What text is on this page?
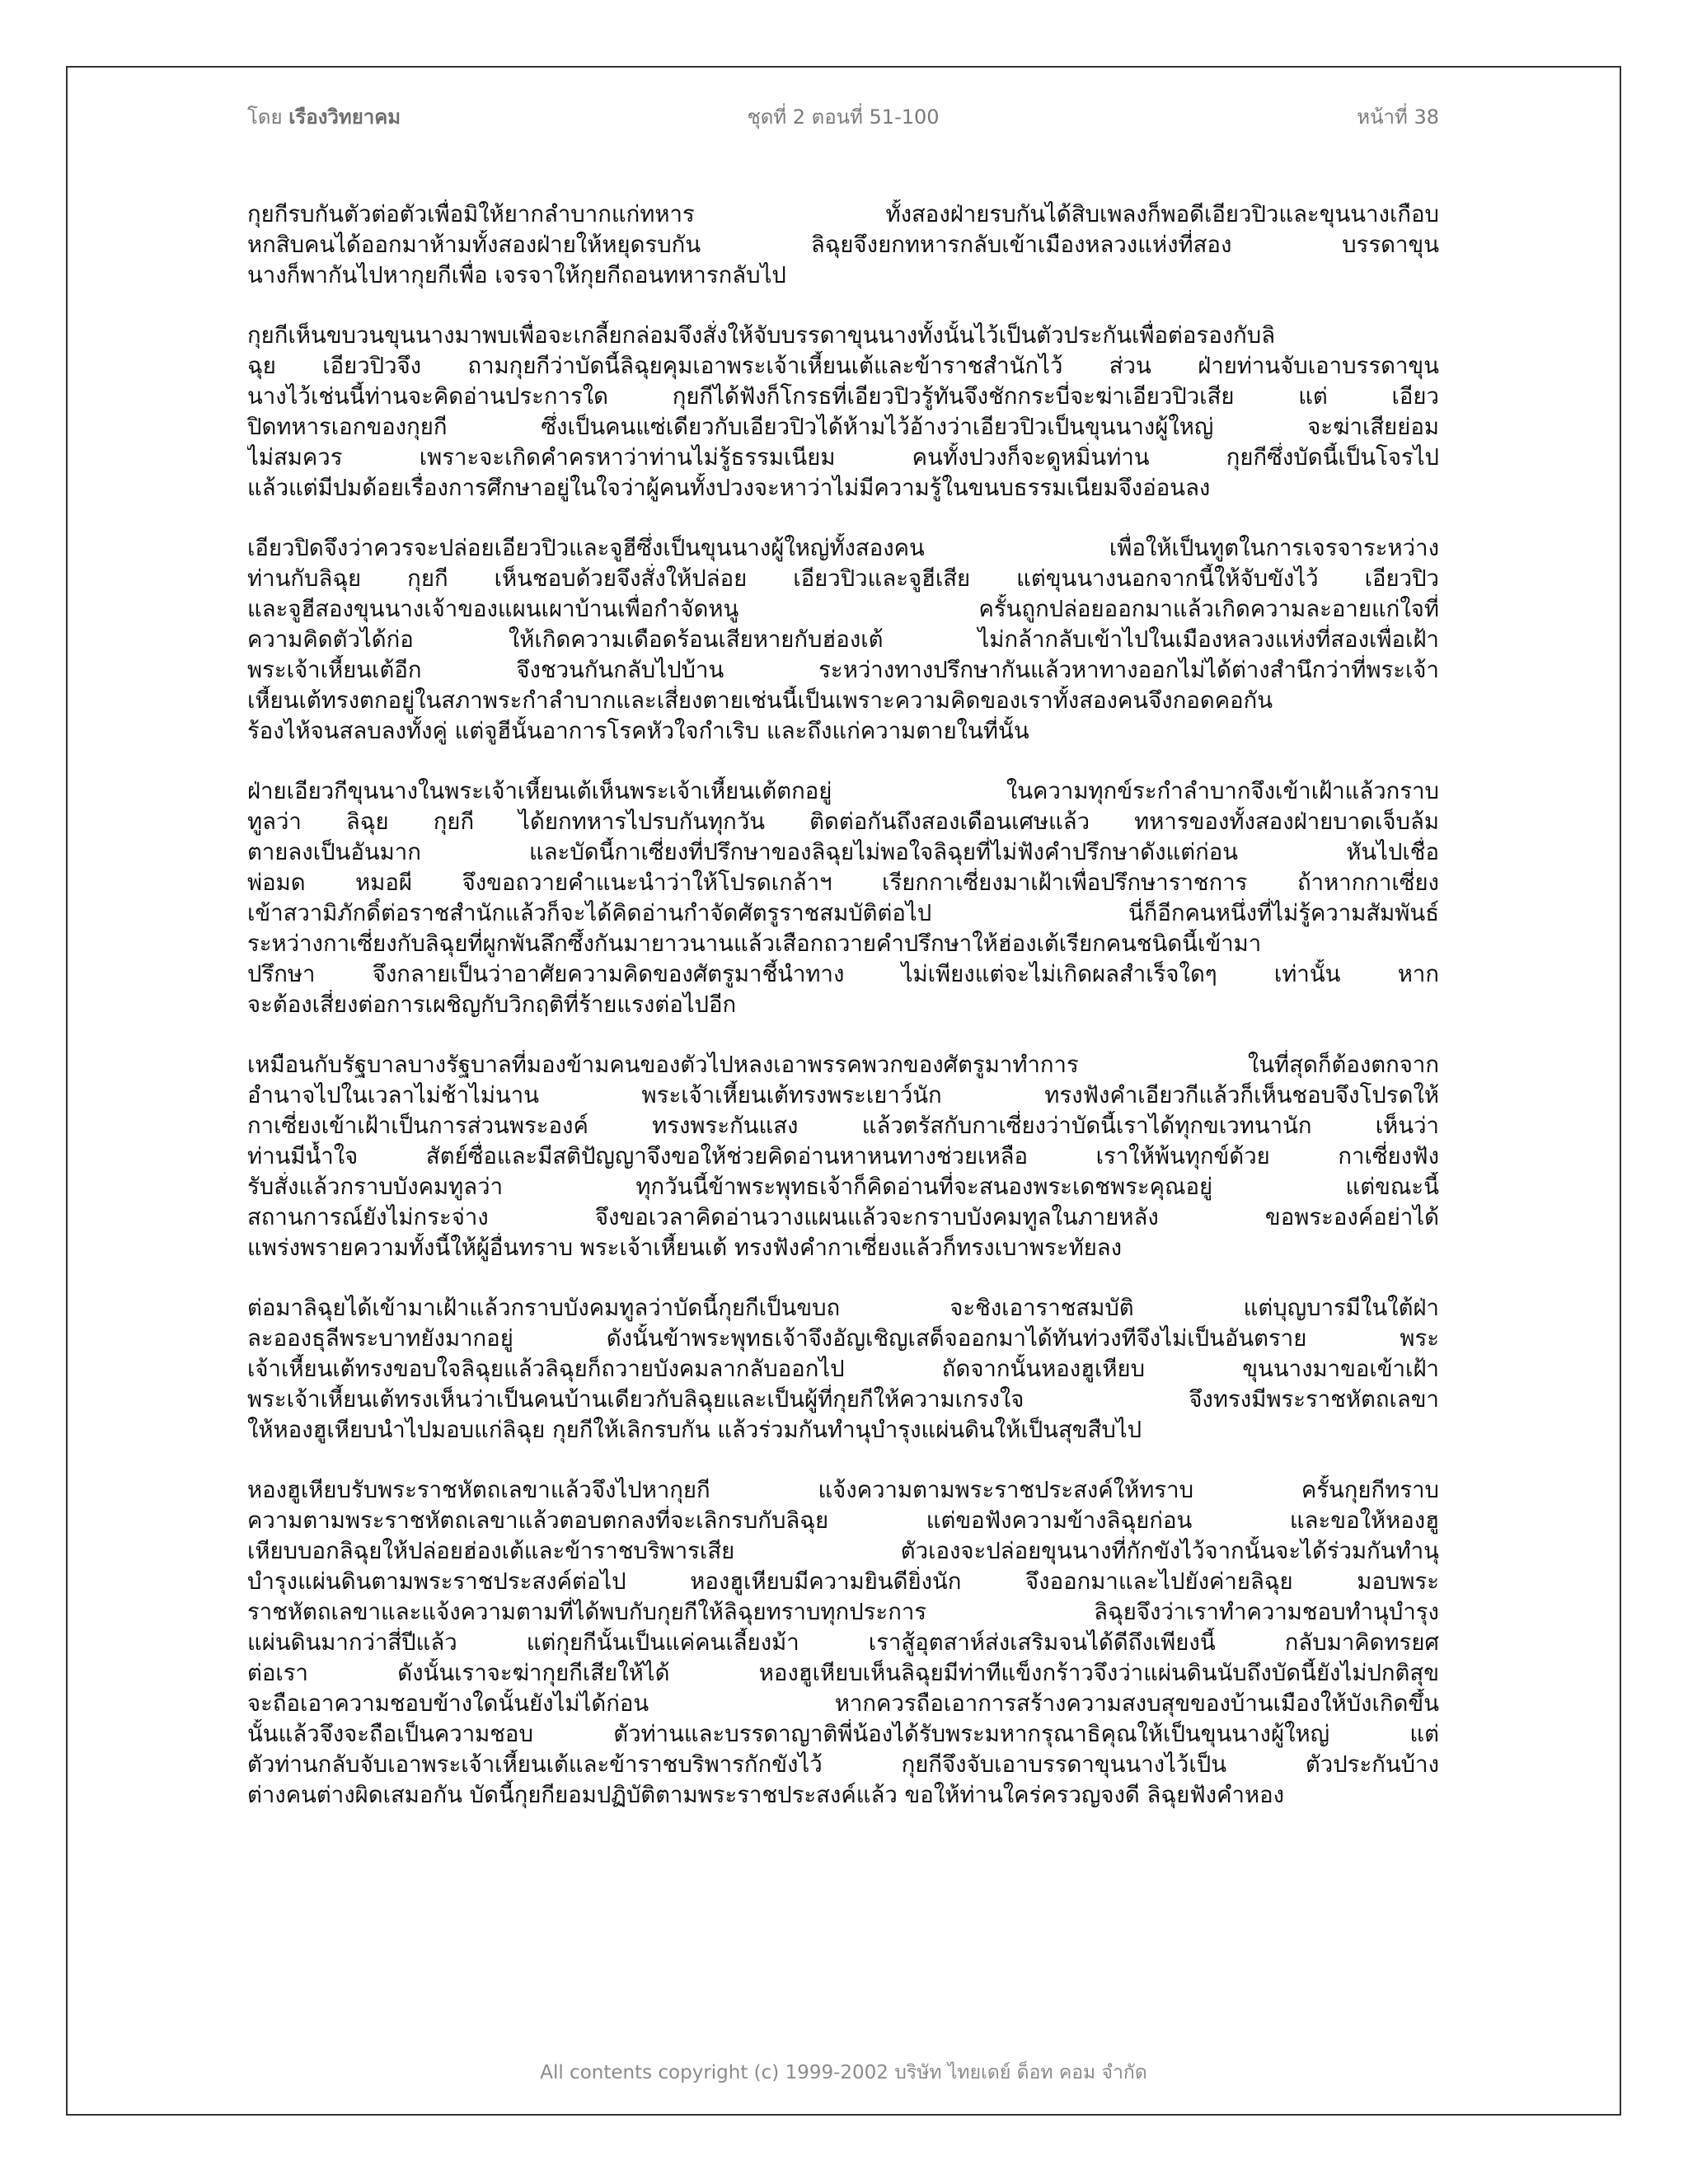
โดย เรืองวิทยาคม	ชุดที่ 2 ตอนที่ 51-100	หน้าที่ 38
กุยกีรบกันตัวต่อตัวเพื่อมิให้ยากลำบากแก่ทหาร ทั้งสองฝ่ายรบกันได้สิบเพลงก็พอดีเอียวปิวและขุนนางเกือบ
หกสิบคนได้ออกมาห้ามทั้งสองฝ่ายให้หยุดรบกัน ลิฉุยจึงยกทหารกลับเข้าเมืองหลวงแห่งที่สอง บรรดาขุน
นางก็พากันไปหากุยกีเพื่อ เจรจาให้กุยกีถอนทหารกลับไป
กุยกีเห็นขบวนขุนนางมาพบเพื่อจะเกลี้ยกล่อมจึงสั่งให้จับบรรดาขุนนางทั้งนั้นไว้เป็นตัวประกันเพื่อต่อรองกับลิ
ฉุย เอียวปิวจึง ถามกุยกีว่าบัดนี้ลิฉุยคุมเอาพระเจ้าเหี้ยนเต้และข้าราชสำนักไว้ ส่วน ฝ่ายท่านจับเอาบรรดาขุน
นางไว้เช่นนี้ท่านจะคิดอ่านประการใด กุยกีได้ฟังก็โกรธที่เอียวปิวรู้ทันจึงชักกระบี่จะฆ่าเอียวปิวเสีย แต่ เอียว
ปิดทหารเอกของกุยกี ซึ่งเป็นคนแซ่เดียวกับเอียวปิวได้ห้ามไว้อ้างว่าเอียวปิวเป็นขุนนางผู้ใหญ่ จะฆ่าเสียย่อม
ไม่สมควร เพราะจะเกิดคำครหาว่าท่านไม่รู้ธรรมเนียม คนทั้งปวงก็จะดูหมิ่นท่าน กุยกีซึ่งบัดนี้เป็นโจรไป
แล้วแต่มีปมด้อยเรื่องการศึกษาอยู่ในใจว่าผู้คนทั้งปวงจะหาว่าไม่มีความรู้ในขนบธรรมเนียมจึงอ่อนลง
เอียวปิดจึงว่าควรจะปล่อยเอียวปิวและจูฮีซึ่งเป็นขุนนางผู้ใหญ่ทั้งสองคน เพื่อให้เป็นทูตในการเจรจาระหว่าง
ท่านกับลิฉุย กุยกี เห็นชอบด้วยจึงสั่งให้ปล่อย เอียวปิวและจูฮีเสีย แต่ขุนนางนอกจากนี้ให้จับขังไว้ เอียวปิว
และจูฮีสองขุนนางเจ้าของแผนเผาบ้านเพื่อกำจัดหนู ครั้นถูกปล่อยออกมาแล้วเกิดความละอายแก่ใจที่
ความคิดตัวได้ก่อ ให้เกิดความเดือดร้อนเสียหายกับฮ่องเต้ ไม่กล้ากลับเข้าไปในเมืองหลวงแห่งที่สองเพื่อเฝ้า
พระเจ้าเหี้ยนเต้อีก จึงชวนกันกลับไปบ้าน ระหว่างทางปรึกษากันแล้วหาทางออกไม่ได้ต่างสำนึกว่าที่พระเจ้า
เหี้ยนเต้ทรงตกอยู่ในสภาพระกำลำบากและเสี่ยงตายเช่นนี้เป็นเพราะความคิดของเราทั้งสองคนจึงกอดคอกัน
ร้องไห้จนสลบลงทั้งคู่ แต่จูฮีนั้นอาการโรคหัวใจกำเริบ และถึงแก่ความตายในที่นั้น
ฝ่ายเอียวกีขุนนางในพระเจ้าเหี้ยนเต้เห็นพระเจ้าเหี้ยนเต้ตกอยู่ ในความทุกข์ระกำลำบากจึงเข้าเฝ้าแล้วกราบ
ทูลว่า ลิฉุย กุยกี ได้ยกทหารไปรบกันทุกวัน ติดต่อกันถึงสองเดือนเศษแล้ว ทหารของทั้งสองฝ่ายบาดเจ็บล้ม
ตายลงเป็นอันมาก และบัดนี้กาเซี่ยงที่ปรึกษาของลิฉุยไม่พอใจลิฉุยที่ไม่ฟังคำปรึกษาดังแต่ก่อน หันไปเชื่อ
พ่อมด หมอผี จึงขอถวายคำแนะนำว่าให้โปรดเกล้าฯ เรียกกาเซี่ยงมาเฝ้าเพื่อปรึกษาราชการ ถ้าหากกาเซี่ยง
เข้าสวามิภักดิ์ต่อราชสำนักแล้วก็จะได้คิดอ่านกำจัดศัตรูราชสมบัติต่อไป นี่ก็อีกคนหนึ่งที่ไม่รู้ความสัมพันธ์
ระหว่างกาเซี่ยงกับลิฉุยที่ผูกพันลึกซึ้งกันมายาวนานแล้วเสือกถวายคำปรึกษาให้ฮ่องเต้เรียกคนชนิดนี้เข้ามา
ปรึกษา จึงกลายเป็นว่าอาศัยความคิดของศัตรูมาชี้นำทาง ไม่เพียงแต่จะไม่เกิดผลสำเร็จใดๆ เท่านั้น หาก
จะต้องเสี่ยงต่อการเผชิญกับวิกฤติที่ร้ายแรงต่อไปอีก
เหมือนกับรัฐบาลบางรัฐบาลที่มองข้ามคนของตัวไปหลงเอาพรรคพวกของศัตรูมาทำการ ในที่สุดก็ต้องตกจาก
อำนาจไปในเวลาไม่ช้าไม่นาน พระเจ้าเหี้ยนเต้ทรงพระเยาว์นัก ทรงฟังคำเอียวกีแล้วก็เห็นชอบจึงโปรดให้
กาเซี่ยงเข้าเฝ้าเป็นการส่วนพระองค์ ทรงพระกันแสง แล้วตรัสกับกาเซี่ยงว่าบัดนี้เราได้ทุกขเวทนานัก เห็นว่า
ท่านมีน้ำใจ สัตย์ซื่อและมีสติปัญญาจึงขอให้ช่วยคิดอ่านหาหนทางช่วยเหลือ เราให้พ้นทุกข์ด้วย กาเซี่ยงฟัง
รับสั่งแล้วกราบบังคมทูลว่า ทุกวันนี้ข้าพระพุทธเจ้าก็คิดอ่านที่จะสนองพระเดชพระคุณอยู่ แต่ขณะนี้
สถานการณ์ยังไม่กระจ่าง จึงขอเวลาคิดอ่านวางแผนแล้วจะกราบบังคมทูลในภายหลัง ขอพระองค์อย่าได้
แพร่งพรายความทั้งนี้ให้ผู้อื่นทราบ พระเจ้าเหี้ยนเต้ ทรงฟังคำกาเซี่ยงแล้วก็ทรงเบาพระทัยลง
ต่อมาลิฉุยได้เข้ามาเฝ้าแล้วกราบบังคมทูลว่าบัดนี้กุยกีเป็นขบถ จะชิงเอาราชสมบัติ แต่บุญบารมีในใต้ฝ่า
ละอองธุลีพระบาทยังมากอยู่ ดังนั้นข้าพระพุทธเจ้าจึงอัญเชิญเสด็จออกมาได้ทันท่วงทีจึงไม่เป็นอันตราย พระ
เจ้าเหี้ยนเต้ทรงขอบใจลิฉุยแล้วลิฉุยก็ถวายบังคมลากลับออกไป ถัดจากนั้นหองฮูเหียบ ขุนนางมาขอเข้าเฝ้า
พระเจ้าเหี้ยนเต้ทรงเห็นว่าเป็นคนบ้านเดียวกับลิฉุยและเป็นผู้ที่กุยกีให้ความเกรงใจ จึงทรงมีพระราชหัตถเลขา
ให้หองฮูเหียบนำไปมอบแก่ลิฉุย กุยกีให้เลิกรบกัน แล้วร่วมกันทำนุบำรุงแผ่นดินให้เป็นสุขสืบไป
หองฮูเหียบรับพระราชหัตถเลขาแล้วจึงไปหากุยกี แจ้งความตามพระราชประสงค์ให้ทราบ ครั้นกุยกีทราบ
ความตามพระราชหัตถเลขาแล้วตอบตกลงที่จะเลิกรบกับลิฉุย แต่ขอฟังความข้างลิฉุยก่อน และขอให้หองฮู
เหียบบอกลิฉุยให้ปล่อยฮ่องเต้และข้าราชบริพารเสีย ตัวเองจะปล่อยขุนนางที่กักขังไว้จากนั้นจะได้ร่วมกันทำนุ
บำรุงแผ่นดินตามพระราชประสงค์ต่อไป หองฮูเหียบมีความยินดียิ่งนัก จึงออกมาและไปยังค่ายลิฉุย มอบพระ
ราชหัตถเลขาและแจ้งความตามที่ได้พบกับกุยกีให้ลิฉุยทราบทุกประการ ลิฉุยจึงว่าเราทำความชอบทำนุบำรุง
แผ่นดินมากว่าสี่ปีแล้ว แต่กุยกีนั้นเป็นแค่คนเลี้ยงม้า เราสู้อุตสาห์ส่งเสริมจนได้ดีถึงเพียงนี้ กลับมาคิดทรยศ
ต่อเรา ดังนั้นเราจะฆ่ากุยกีเสียให้ได้ หองฮูเหียบเห็นลิฉุยมีท่าทีแข็งกร้าวจึงว่าแผ่นดินนับถึงบัดนี้ยังไม่ปกติสุข
จะถือเอาความชอบข้างใดนั้นยังไม่ได้ก่อน หากควรถือเอาการสร้างความสงบสุขของบ้านเมืองให้บังเกิดขึ้น
นั้นแล้วจึงจะถือเป็นความชอบ ตัวท่านและบรรดาญาติพี่น้องได้รับพระมหากรุณาธิคุณให้เป็นขุนนางผู้ใหญ่ แต่
ตัวท่านกลับจับเอาพระเจ้าเหี้ยนเต้และข้าราชบริพารกักขังไว้ กุยกีจึงจับเอาบรรดาขุนนางไว้เป็น ตัวประกันบ้าง
ต่างคนต่างผิดเสมอกัน บัดนี้กุยกียอมปฏิบัติตามพระราชประสงค์แล้ว ขอให้ท่านใคร่ครวญจงดี ลิฉุยฟังคำหอง
All contents copyright (c) 1999-2002 บริษัท ไทยเดย์ ด็อท คอม จำกัด
